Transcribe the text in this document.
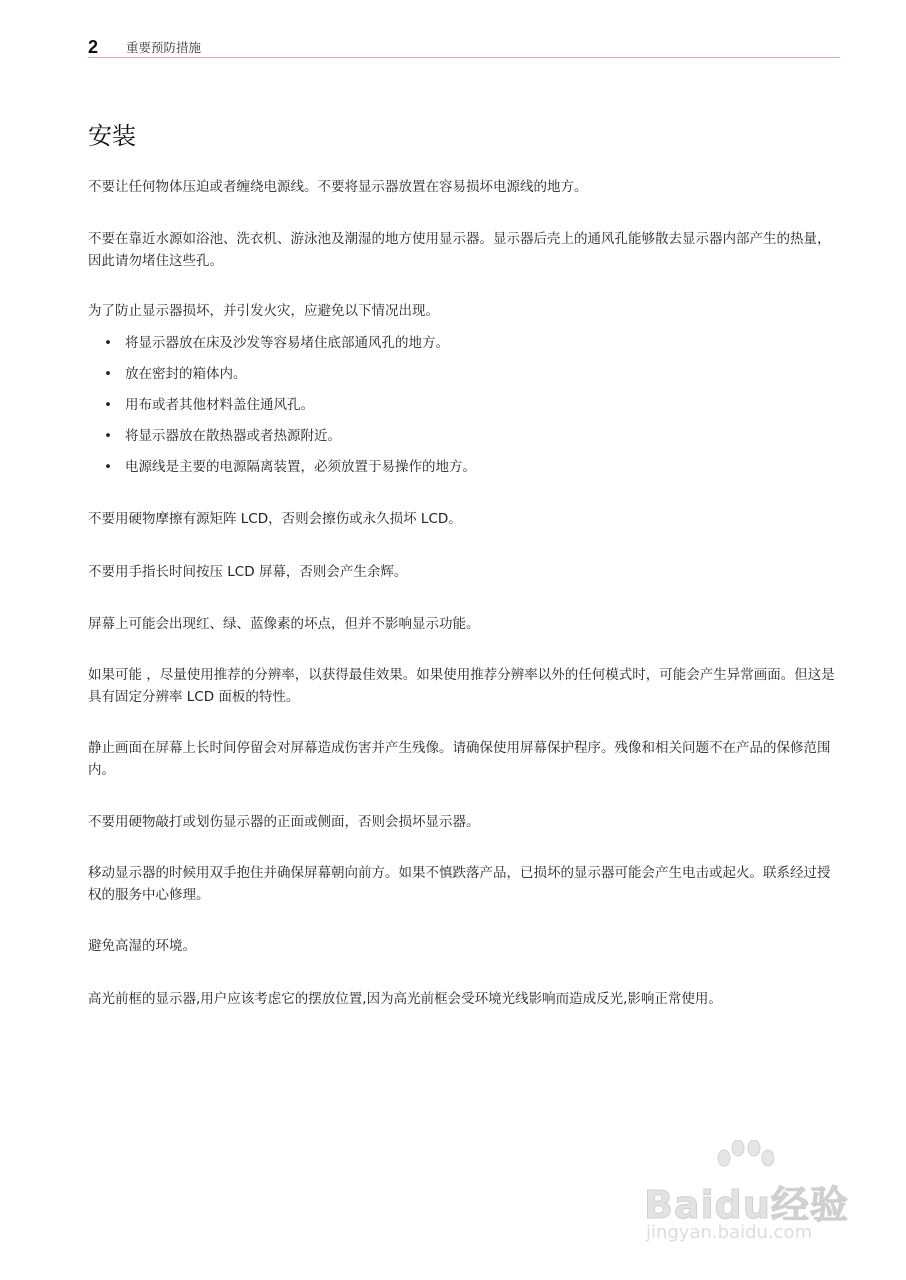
2 重要预防措施
安装

不要让任何物体压迫或者缠绕电源线。不要将显示器放置在容易损坏电源线的地方。

不要在靠近水源如浴池、洗衣机、游泳池及潮湿的地方使用显示器。显示器后壳上的通风孔能够散去显示器内部产生的热量，因此请勿堵住这些孔。

为了防止显示器损坏，并引发火灾，应避免以下情况出现。

• 将显示器放在床及沙发等容易堵住底部通风孔的地方。
• 放在密封的箱体内。
• 用布或者其他材料盖住通风孔。
• 将显示器放在散热器或者热源附近。
• 电源线是主要的电源隔离装置，必须放置于易操作的地方。

不要用硬物摩擦有源矩阵 LCD，否则会擦伤或永久损坏 LCD。

不要用手指长时间按压 LCD 屏幕，否则会产生余辉。

屏幕上可能会出现红、绿、蓝像素的坏点，但并不影响显示功能。

如果可能 ，尽量使用推荐的分辨率，以获得最佳效果。如果使用推荐分辨率以外的任何模式时，可能会产生异常画面。但这是具有固定分辨率 LCD 面板的特性。

静止画面在屏幕上长时间停留会对屏幕造成伤害并产生残像。请确保使用屏幕保护程序。残像和相关问题不在产品的保修范围内。

不要用硬物敲打或划伤显示器的正面或侧面，否则会损坏显示器。

移动显示器的时候用双手抱住并确保屏幕朝向前方。如果不慎跌落产品，已损坏的显示器可能会产生电击或起火。联系经过授权的服务中心修理。

避免高湿的环境。

高光前框的显示器,用户应该考虑它的摆放位置,因为高光前框会受环境光线影响而造成反光,影响正常使用。

Baidu经验
jingyan.baidu.com
